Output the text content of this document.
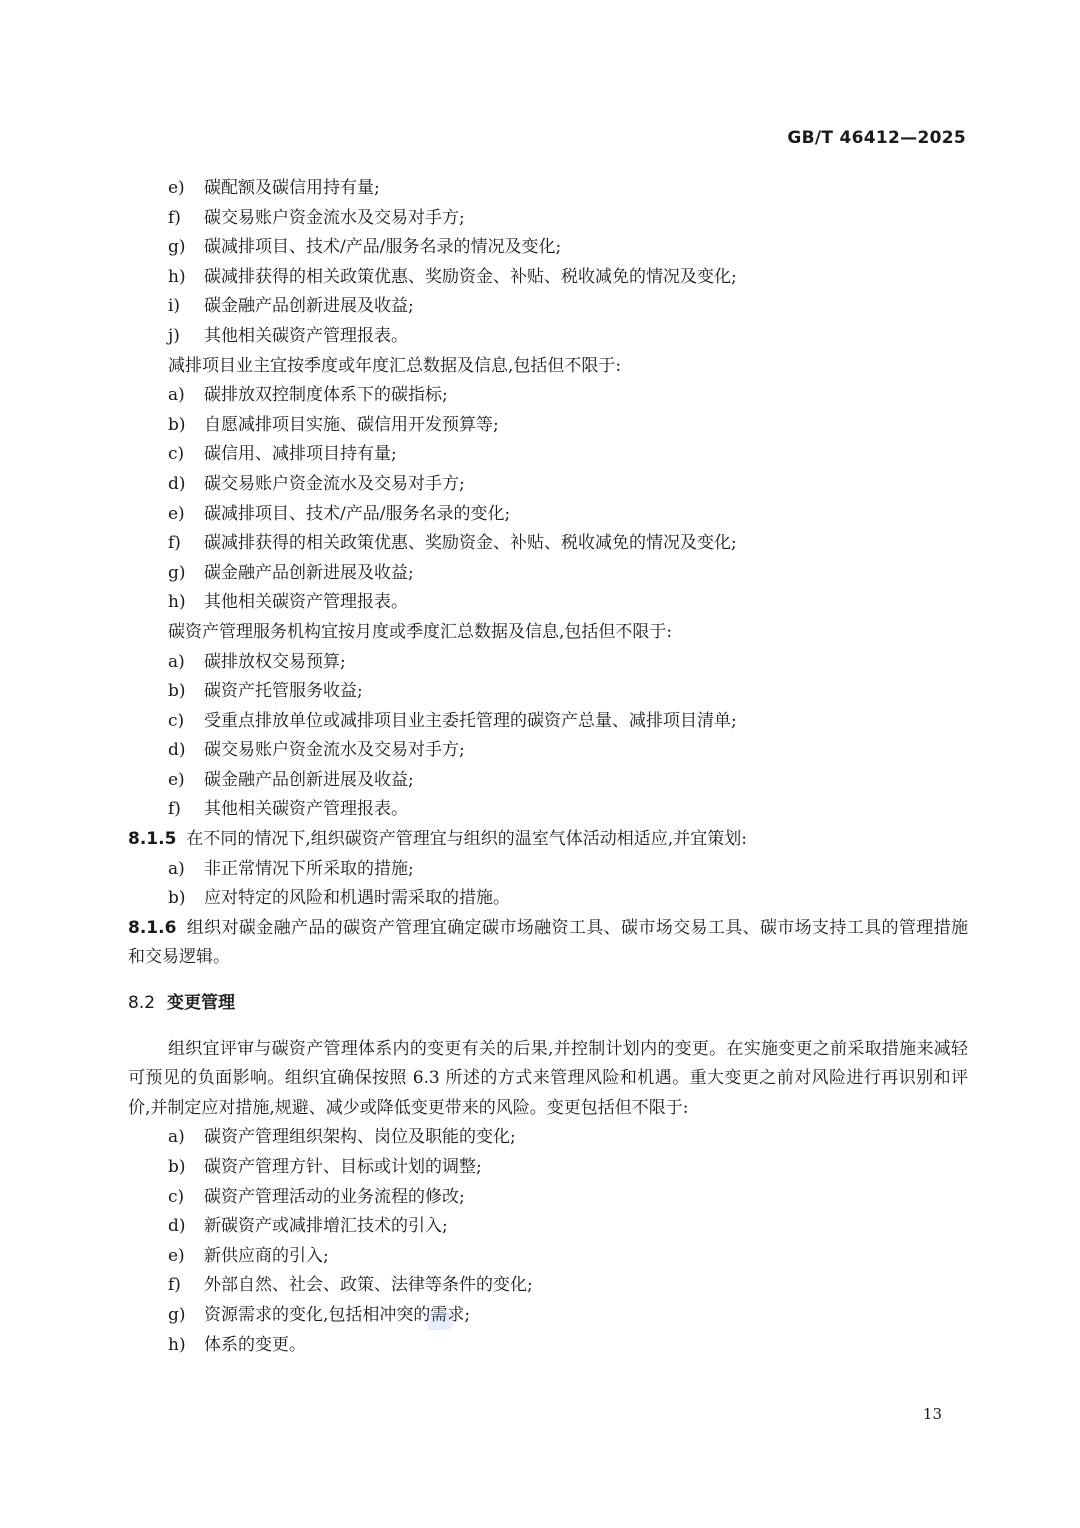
GB/T 46412—2025
e)	碳配额及碳信用持有量;
f)	碳交易账户资金流水及交易对手方;
g)	碳减排项目、技术/产品/服务名录的情况及变化;
h)	碳减排获得的相关政策优惠、奖励资金、补贴、税收减免的情况及变化;
i)	碳金融产品创新进展及收益;
j)	其他相关碳资产管理报表。
减排项目业主宜按季度或年度汇总数据及信息,包括但不限于:
a)	碳排放双控制度体系下的碳指标;
b)	自愿减排项目实施、碳信用开发预算等;
c)	碳信用、减排项目持有量;
d)	碳交易账户资金流水及交易对手方;
e)	碳减排项目、技术/产品/服务名录的变化;
f)	碳减排获得的相关政策优惠、奖励资金、补贴、税收减免的情况及变化;
g)	碳金融产品创新进展及收益;
h)	其他相关碳资产管理报表。
碳资产管理服务机构宜按月度或季度汇总数据及信息,包括但不限于:
a)	碳排放权交易预算;
b)	碳资产托管服务收益;
c)	受重点排放单位或减排项目业主委托管理的碳资产总量、减排项目清单;
d)	碳交易账户资金流水及交易对手方;
e)	碳金融产品创新进展及收益;
f)	其他相关碳资产管理报表。
8.1.5 在不同的情况下,组织碳资产管理宜与组织的温室气体活动相适应,并宜策划:
a)	非正常情况下所采取的措施;
b)	应对特定的风险和机遇时需采取的措施。
8.1.6 组织对碳金融产品的碳资产管理宜确定碳市场融资工具、碳市场交易工具、碳市场支持工具的管理措施和交易逻辑。
8.2 变更管理
组织宜评审与碳资产管理体系内的变更有关的后果,并控制计划内的变更。在实施变更之前采取措施来减轻可预见的负面影响。组织宜确保按照 6.3 所述的方式来管理风险和机遇。重大变更之前对风险进行再识别和评价,并制定应对措施,规避、减少或降低变更带来的风险。变更包括但不限于:
a)	碳资产管理组织架构、岗位及职能的变化;
b)	碳资产管理方针、目标或计划的调整;
c)	碳资产管理活动的业务流程的修改;
d)	新碳资产或减排增汇技术的引入;
e)	新供应商的引入;
f)	外部自然、社会、政策、法律等条件的变化;
g)	资源需求的变化,包括相冲突的需求;
h)	体系的变更。
13
